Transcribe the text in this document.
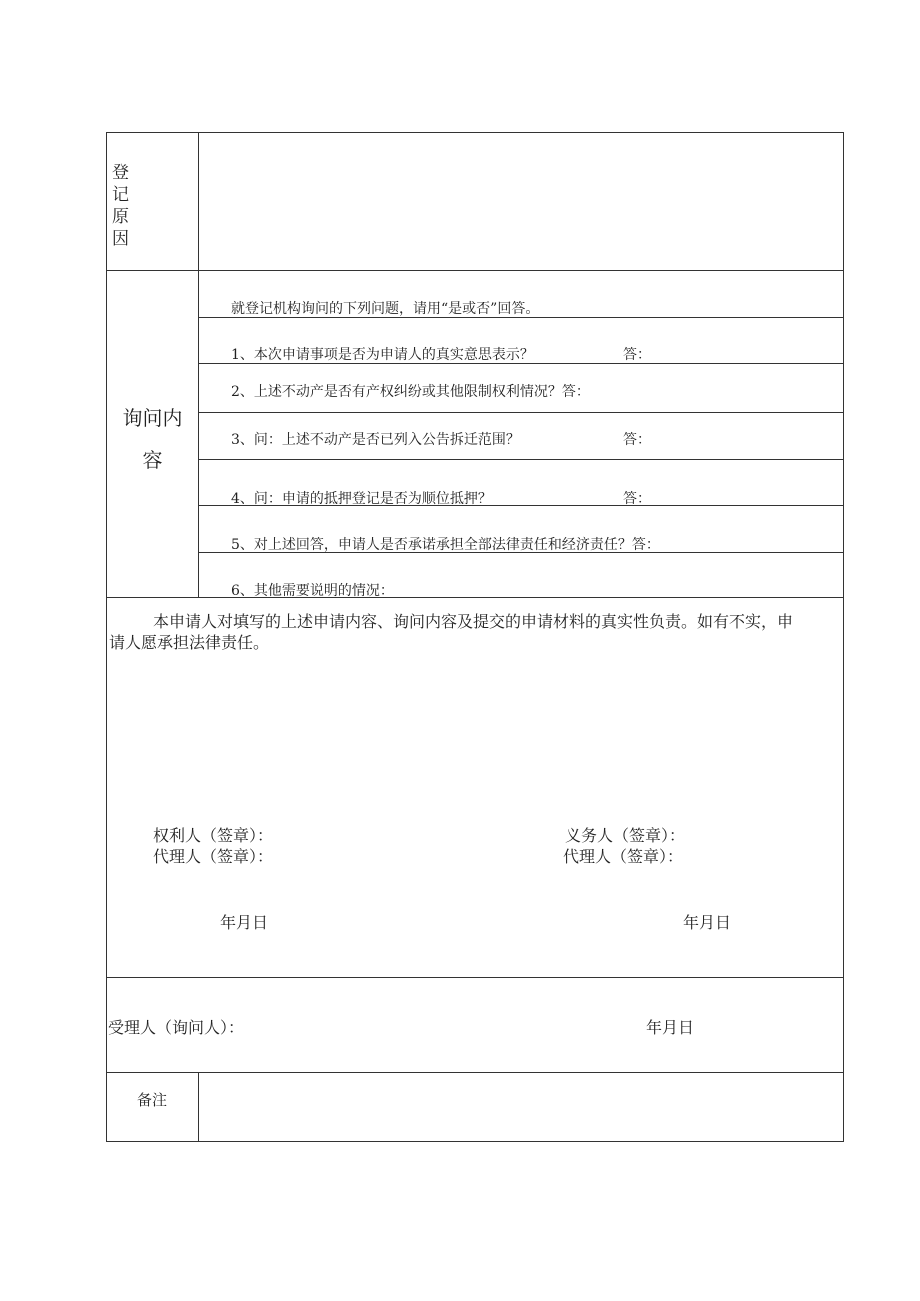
登
记
原
因
询问内
容
就登记机构询问的下列问题，请用“是或否”回答。
1、本次申请事项是否为申请人的真实意思表示？	答：
2、上述不动产是否有产权纠纷或其他限制权利情况？答：
3、问：上述不动产是否已列入公告拆迁范围？	答：
4、问：申请的抵押登记是否为顺位抵押？	答：
5、对上述回答，申请人是否承诺承担全部法律责任和经济责任？答：
6、其他需要说明的情况：
本申请人对填写的上述申请内容、询问内容及提交的申请材料的真实性负责。如有不实，申
请人愿承担法律责任。
权利人（签章）：	义务人（签章）：
代理人（签章）：	代理人（签章）：
年月日	年月日
受理人（询问人）：	年月日
备注
